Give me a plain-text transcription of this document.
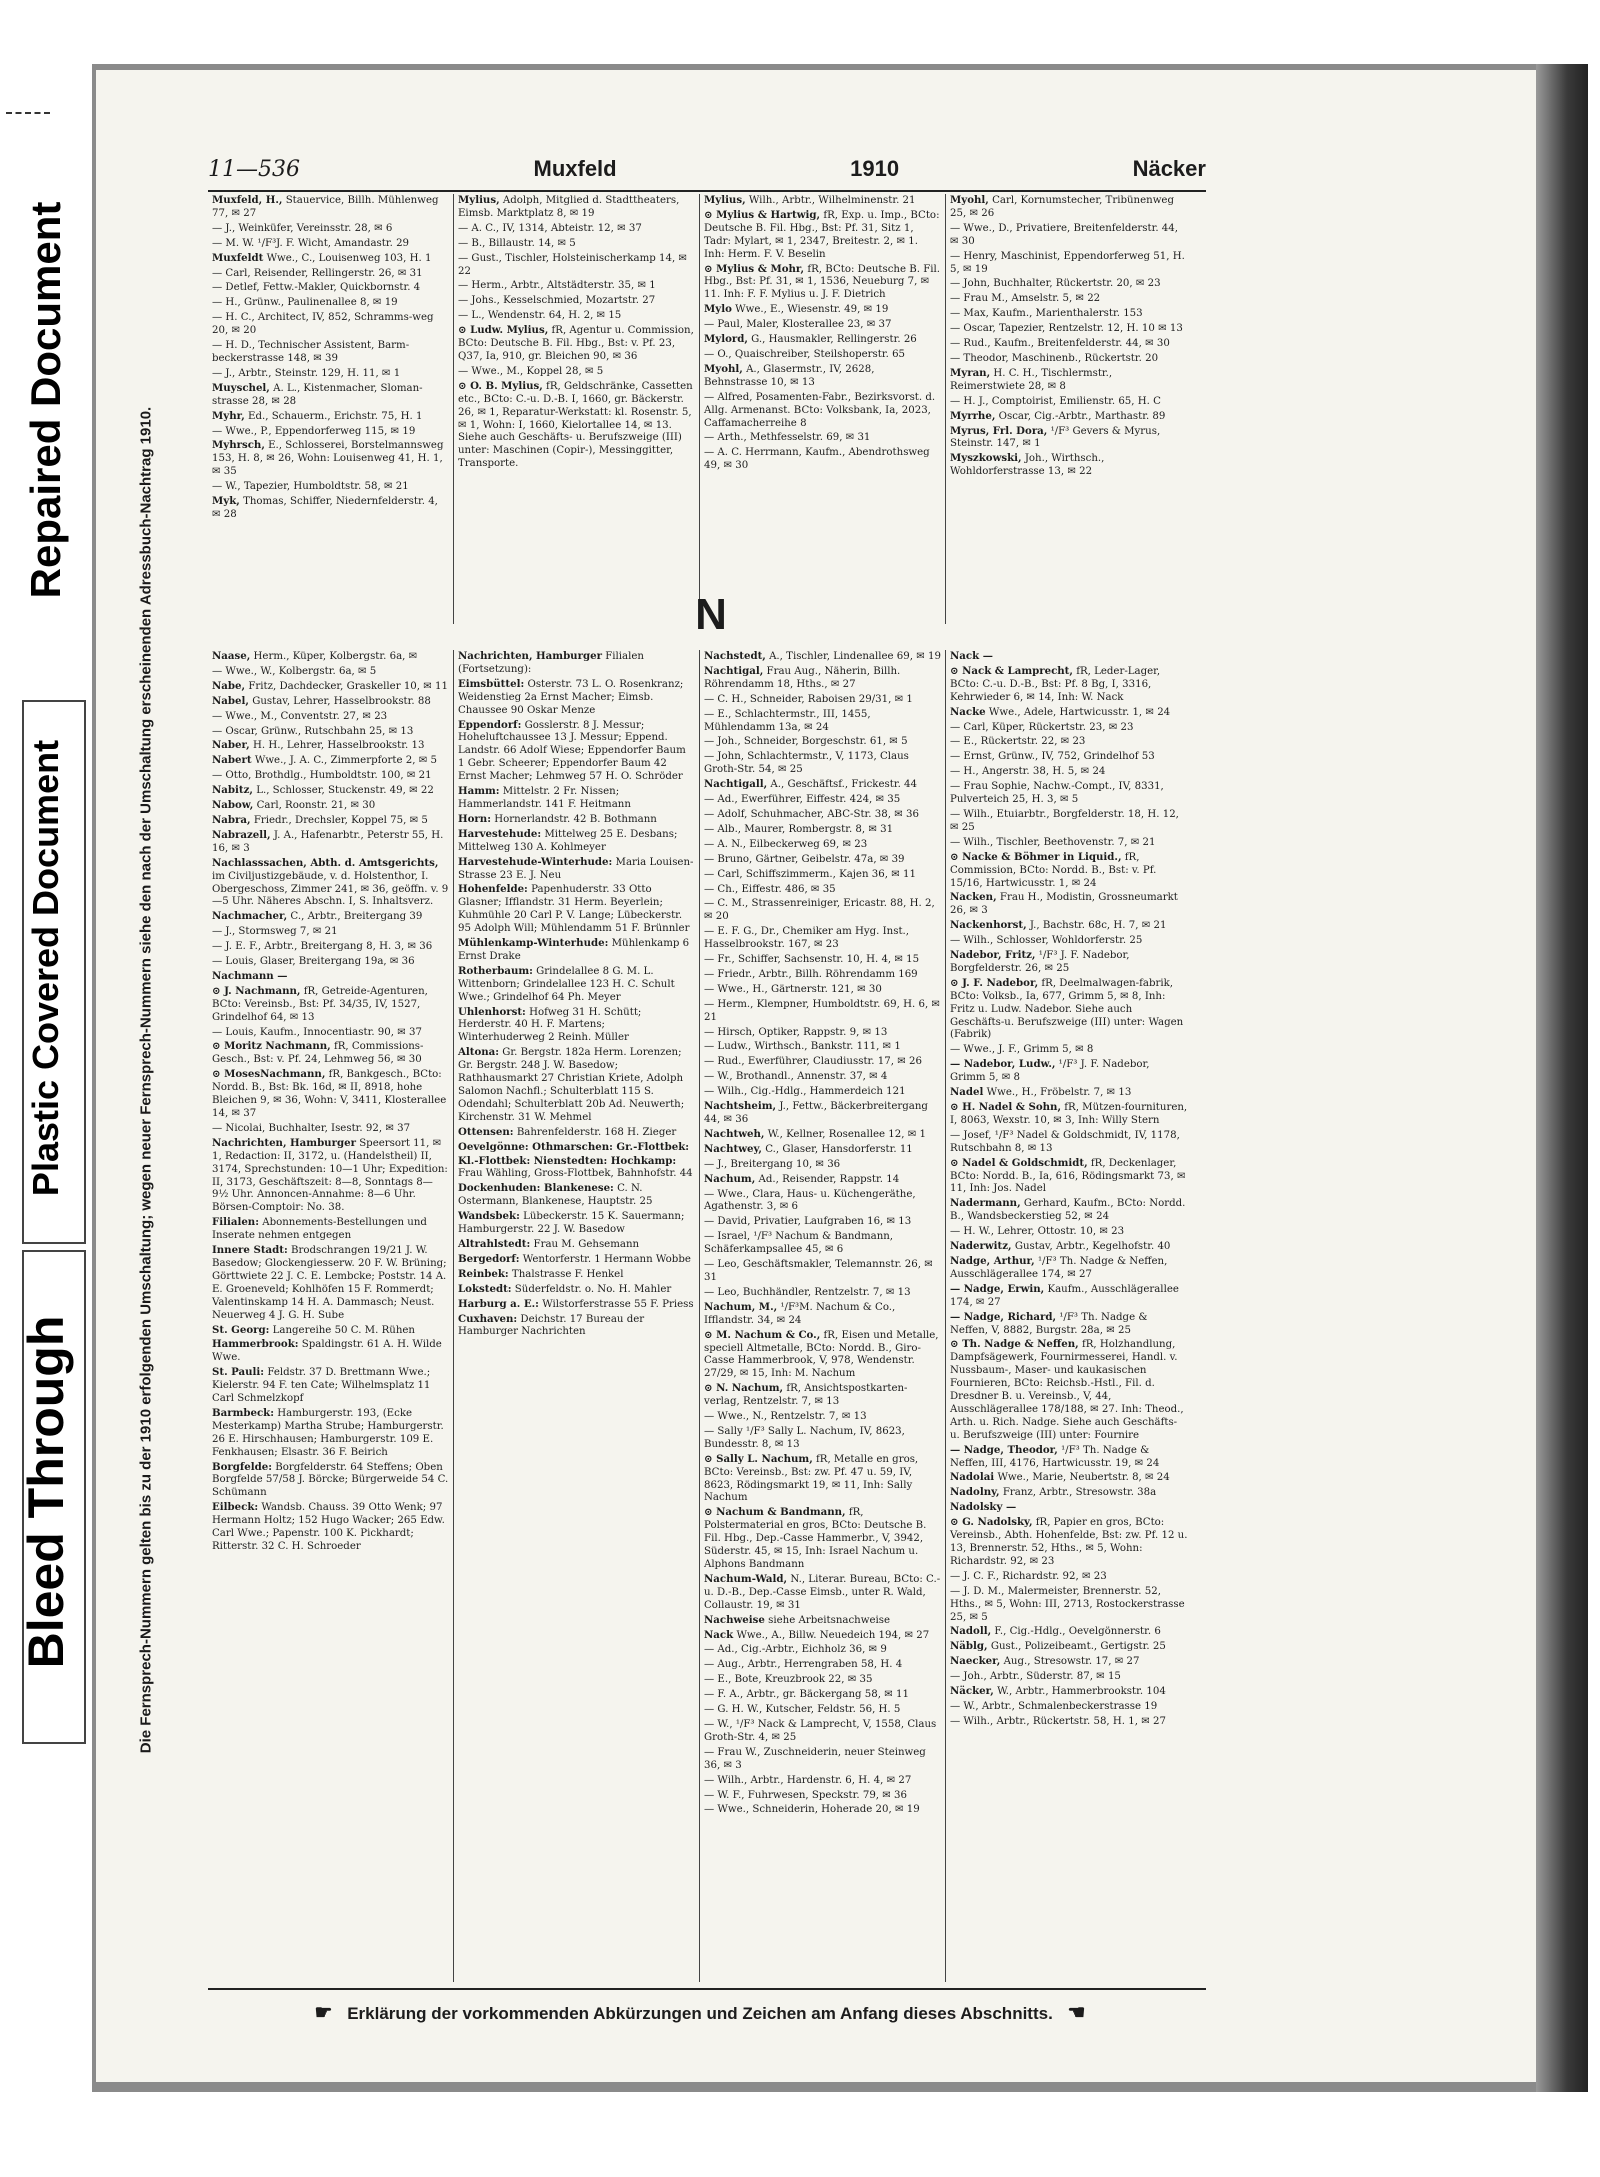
Repaired Document
Plastic Covered Document
Bleed Through	Die Fernsprech-Nummern gelten bis zu der 1910 erfolgenden Umschaltung; wegen neuer Fernsprech-Nummern siehe den nach der Umschaltung erscheinenden Adressbuch-Nachtrag 1910.
11—536	Muxfeld	1910	Näcker
Muxfeld, H., Stauervice, Billh. Mühlenweg 77, ✉ 27
— J., Weinküfer, Vereinsstr. 28, ✉ 6
— M. W. ¹/F³J. F. Wicht, Amandastr. 29
Muxfeldt Wwe., C., Louisenweg 103, H. 1
— Carl, Reisender, Rellingerstr. 26, ✉ 31
— Detlef, Fettw.-Makler, Quickbornstr. 4
— H., Grünw., Paulinenallee 8, ✉ 19
— H. C., Architect, IV, 852, Schramms-weg 20, ✉ 20
— H. D., Technischer Assistent, Barm-beckerstrasse 148, ✉ 39
— J., Arbtr., Steinstr. 129, H. 11, ✉ 1
Muyschel, A. L., Kistenmacher, Sloman-strasse 28, ✉ 28
Myhr, Ed., Schauerm., Erichstr. 75, H. 1
— Wwe., P., Eppendorferweg 115, ✉ 19
Myhrsch, E., Schlosserei, Borstelmannsweg 153, H. 8, ✉ 26, Wohn: Louisenweg 41, H. 1, ✉ 35
— W., Tapezier, Humboldtstr. 58, ✉ 21
Myk, Thomas, Schiffer, Niedernfelderstr. 4, ✉ 28
Mylius, Adolph, Mitglied d. Stadttheaters, Eimsb. Marktplatz 8, ✉ 19
— A. C., IV, 1314, Abteistr. 12, ✉ 37
— B., Billaustr. 14, ✉ 5
— Gust., Tischler, Holsteinischerkamp 14, ✉ 22
— Herm., Arbtr., Altstädterstr. 35, ✉ 1
— Johs., Kesselschmied, Mozartstr. 27
— L., Wendenstr. 64, H. 2, ✉ 15
⊙ Ludw. Mylius, fR, Agentur u. Commission, BCto: Deutsche B. Fil. Hbg., Bst: v. Pf. 23, Q37, Ia, 910, gr. Bleichen 90, ✉ 36
— Wwe., M., Koppel 28, ✉ 5
⊙ O. B. Mylius, fR, Geldschränke, Cassetten etc., BCto: C.-u. D.-B. I, 1660, gr. Bäckerstr. 26, ✉ 1, Reparatur-Werkstatt: kl. Rosenstr. 5, ✉ 1, Wohn: I, 1660, Kielortallee 14, ✉ 13. Siehe auch Geschäfts- u. Berufszweige (III) unter: Maschinen (Copir-), Messinggitter, Transporte.
Mylius, Wilh., Arbtr., Wilhelminenstr. 21
⊙ Mylius & Hartwig, fR, Exp. u. Imp., BCto: Deutsche B. Fil. Hbg., Bst: Pf. 31, Sitz 1, Tadr: Mylart, ✉ 1, 2347, Breitestr. 2, ✉ 1. Inh: Herm. F. V. Beselin
⊙ Mylius & Mohr, fR, BCto: Deutsche B. Fil. Hbg., Bst: Pf. 31, ✉ 1, 1536, Neueburg 7, ✉ 11. Inh: F. F. Mylius u. J. F. Dietrich
Mylo Wwe., E., Wiesenstr. 49, ✉ 19
— Paul, Maler, Klosterallee 23, ✉ 37
Mylord, G., Hausmakler, Rellingerstr. 26
— O., Quaischreiber, Steilshoperstr. 65
Myohl, A., Glasermstr., IV, 2628, Behnstrasse 10, ✉ 13
— Alfred, Posamenten-Fabr., Bezirksvorst. d. Allg. Armenanst. BCto: Volksbank, Ia, 2023, Caffamacherreihe 8
— Arth., Methfesselstr. 69, ✉ 31
— A. C. Herrmann, Kaufm., Abendrothsweg 49, ✉ 30
Myohl, Carl, Kornumstecher, Tribünenweg 25, ✉ 26
— Wwe., D., Privatiere, Breitenfelderstr. 44, ✉ 30
— Henry, Maschinist, Eppendorferweg 51, H. 5, ✉ 19
— John, Buchhalter, Rückertstr. 20, ✉ 23
— Frau M., Amselstr. 5, ✉ 22
— Max, Kaufm., Marienthalerstr. 153
— Oscar, Tapezier, Rentzelstr. 12, H. 10 ✉ 13
— Rud., Kaufm., Breitenfelderstr. 44, ✉ 30
— Theodor, Maschinenb., Rückertstr. 20
Myran, H. C. H., Tischlermstr., Reimerstwiete 28, ✉ 8
— H. J., Comptoirist, Emilienstr. 65, H. C
Myrrhe, Oscar, Cig.-Arbtr., Marthastr. 89
Myrus, Frl. Dora, ¹/F³ Gevers & Myrus, Steinstr. 147, ✉ 1
Myszkowski, Joh., Wirthsch., Wohldorferstrasse 13, ✉ 22
N
Naase, Herm., Küper, Kolbergstr. 6a, ✉
— Wwe., W., Kolbergstr. 6a, ✉ 5
Nabe, Fritz, Dachdecker, Graskeller 10, ✉ 11
Nabel, Gustav, Lehrer, Hasselbrookstr. 88
— Wwe., M., Conventstr. 27, ✉ 23
— Oscar, Grünw., Rutschbahn 25, ✉ 13
Naber, H. H., Lehrer, Hasselbrookstr. 13
Nabert Wwe., J. A. C., Zimmerpforte 2, ✉ 5
— Otto, Brothdlg., Humboldtstr. 100, ✉ 21
Nabitz, L., Schlosser, Stuckenstr. 49, ✉ 22
Nabow, Carl, Roonstr. 21, ✉ 30
Nabra, Friedr., Drechsler, Koppel 75, ✉ 5
Nabrazell, J. A., Hafenarbtr., Peterstr 55, H. 16, ✉ 3
Nachlasssachen, Abth. d. Amtsgerichts, im Civiljustizgebäude, v. d. Holstenthor, I. Obergeschoss, Zimmer 241, ✉ 36, geöffn. v. 9—5 Uhr. Näheres Abschn. I, S. Inhaltsverz.
Nachmacher, C., Arbtr., Breitergang 39
— J., Stormsweg 7, ✉ 21
— J. E. F., Arbtr., Breitergang 8, H. 3, ✉ 36
— Louis, Glaser, Breitergang 19a, ✉ 36
Nachmann —
⊙ J. Nachmann, fR, Getreide-Agenturen, BCto: Vereinsb., Bst: Pf. 34/35, IV, 1527, Grindelhof 64, ✉ 13
— Louis, Kaufm., Innocentiastr. 90, ✉ 37
⊙ Moritz Nachmann, fR, Commissions-Gesch., Bst: v. Pf. 24, Lehmweg 56, ✉ 30
⊙ MosesNachmann, fR, Bankgesch., BCto: Nordd. B., Bst: Bk. 16d, ✉ II, 8918, hohe Bleichen 9, ✉ 36, Wohn: V, 3411, Klosterallee 14, ✉ 37
— Nicolai, Buchhalter, Isestr. 92, ✉ 37
Nachrichten, Hamburger Speersort 11, ✉ 1, Redaction: II, 3172, u. (Handelstheil) II, 3174, Sprechstunden: 10—1 Uhr; Expedition: II, 3173, Geschäftszeit: 8—8, Sonntags 8—9½ Uhr. Annoncen-Annahme: 8—6 Uhr. Börsen-Comptoir: No. 38.
Filialen: Abonnements-Bestellungen und Inserate nehmen entgegen
Innere Stadt: Brodschrangen 19/21 J. W. Basedow; Glockengiesserw. 20 F. W. Brüning; Görttwiete 22 J. C. E. Lembcke; Poststr. 14 A. E. Groeneveld; Kohlhöfen 15 F. Rommerdt; Valentinskamp 14 H. A. Dammasch; Neust. Neuerweg 4 J. G. H. Sube
St. Georg: Langereihe 50 C. M. Rühen
Hammerbrook: Spaldingstr. 61 A. H. Wilde Wwe.
St. Pauli: Feldstr. 37 D. Brettmann Wwe.; Kielerstr. 94 F. ten Cate; Wilhelmsplatz 11 Carl Schmelzkopf
Barmbeck: Hamburgerstr. 193, (Ecke Mesterkamp) Martha Strube; Hamburgerstr. 26 E. Hirschhausen; Hamburgerstr. 109 E. Fenkhausen; Elsastr. 36 F. Beirich
Borgfelde: Borgfelderstr. 64 Steffens; Oben Borgfelde 57/58 J. Börcke; Bürgerweide 54 C. Schümann
Eilbeck: Wandsb. Chauss. 39 Otto Wenk; 97 Hermann Holtz; 152 Hugo Wacker; 265 Edw. Carl Wwe.; Papenstr. 100 K. Pickhardt; Ritterstr. 32 C. H. Schroeder
Nachrichten, Hamburger Filialen (Fortsetzung):
Eimsbüttel: Osterstr. 73 L. O. Rosenkranz; Weidenstieg 2a Ernst Macher; Eimsb. Chaussee 90 Oskar Menze
Eppendorf: Gosslerstr. 8 J. Messur; Hoheluftchaussee 13 J. Messur; Eppend. Landstr. 66 Adolf Wiese; Eppendorfer Baum 1 Gebr. Scheerer; Eppendorfer Baum 42 Ernst Macher; Lehmweg 57 H. O. Schröder
Hamm: Mittelstr. 2 Fr. Nissen; Hammerlandstr. 141 F. Heitmann
Horn: Hornerlandstr. 42 B. Bothmann
Harvestehude: Mittelweg 25 E. Desbans; Mittelweg 130 A. Kohlmeyer
Harvestehude-Winterhude: Maria Louisen-Strasse 23 E. J. Neu
Hohenfelde: Papenhuderstr. 33 Otto Glasner; Ifflandstr. 31 Herm. Beyerlein; Kuhmühle 20 Carl P. V. Lange; Lübeckerstr. 95 Adolph Will; Mühlendamm 51 F. Brünnler
Mühlenkamp-Winterhude: Mühlenkamp 6 Ernst Drake
Rotherbaum: Grindelallee 8 G. M. L. Wittenborn; Grindelallee 123 H. C. Schult Wwe.; Grindelhof 64 Ph. Meyer
Uhlenhorst: Hofweg 31 H. Schütt; Herderstr. 40 H. F. Martens; Winterhuderweg 2 Reinh. Müller
Altona: Gr. Bergstr. 182a Herm. Lorenzen; Gr. Bergstr. 248 J. W. Basedow; Rathhausmarkt 27 Christian Kriete, Adolph Salomon Nachfl.; Schulterblatt 115 S. Odendahl; Schulterblatt 20b Ad. Neuwerth; Kirchenstr. 31 W. Mehmel
Ottensen: Bahrenfelderstr. 168 H. Zieger
Oevelgönne: Othmarschen: Gr.-Flottbek: Kl.-Flottbek: Nienstedten: Hochkamp: Frau Wähling, Gross-Flottbek, Bahnhofstr. 44
Dockenhuden: Blankenese: C. N. Ostermann, Blankenese, Hauptstr. 25
Wandsbek: Lübeckerstr. 15 K. Sauermann; Hamburgerstr. 22 J. W. Basedow
Altrahlstedt: Frau M. Gehsemann
Bergedorf: Wentorferstr. 1 Hermann Wobbe
Reinbek: Thalstrasse F. Henkel
Lokstedt: Süderfeldstr. o. No. H. Mahler
Harburg a. E.: Wilstorferstrasse 55 F. Priess
Cuxhaven: Deichstr. 17 Bureau der Hamburger Nachrichten
Nachstedt, A., Tischler, Lindenallee 69, ✉ 19
Nachtigal, Frau Aug., Näherin, Billh. Röhrendamm 18, Hths., ✉ 27
— C. H., Schneider, Raboisen 29/31, ✉ 1
— E., Schlachtermstr., III, 1455, Mühlendamm 13a, ✉ 24
— Joh., Schneider, Borgeschstr. 61, ✉ 5
— John, Schlachtermstr., V, 1173, Claus Groth-Str. 54, ✉ 25
Nachtigall, A., Geschäftsf., Frickestr. 44
— Ad., Ewerführer, Eiffestr. 424, ✉ 35
— Adolf, Schuhmacher, ABC-Str. 38, ✉ 36
— Alb., Maurer, Rombergstr. 8, ✉ 31
— A. N., Eilbeckerweg 69, ✉ 23
— Bruno, Gärtner, Geibelstr. 47a, ✉ 39
— Carl, Schiffszimmerm., Kajen 36, ✉ 11
— Ch., Eiffestr. 486, ✉ 35
— C. M., Strassenreiniger, Ericastr. 88, H. 2, ✉ 20
— E. F. G., Dr., Chemiker am Hyg. Inst., Hasselbrookstr. 167, ✉ 23
— Fr., Schiffer, Sachsenstr. 10, H. 4, ✉ 15
— Friedr., Arbtr., Billh. Röhrendamm 169
— Wwe., H., Gärtnerstr. 121, ✉ 30
— Herm., Klempner, Humboldtstr. 69, H. 6, ✉ 21
— Hirsch, Optiker, Rappstr. 9, ✉ 13
— Ludw., Wirthsch., Bankstr. 111, ✉ 1
— Rud., Ewerführer, Claudiusstr. 17, ✉ 26
— W., Brothandl., Annenstr. 37, ✉ 4
— Wilh., Cig.-Hdlg., Hammerdeich 121
Nachtsheim, J., Fettw., Bäckerbreitergang 44, ✉ 36
Nachtweh, W., Kellner, Rosenallee 12, ✉ 1
Nachtwey, C., Glaser, Hansdorferstr. 11
— J., Breitergang 10, ✉ 36
Nachum, Ad., Reisender, Rappstr. 14
— Wwe., Clara, Haus- u. Küchengeräthe, Agathenstr. 3, ✉ 6
— David, Privatier, Laufgraben 16, ✉ 13
— Israel, ¹/F³ Nachum & Bandmann, Schäferkampsallee 45, ✉ 6
— Leo, Geschäftsmakler, Telemannstr. 26, ✉ 31
— Leo, Buchhändler, Rentzelstr. 7, ✉ 13
Nachum, M., ¹/F³M. Nachum & Co., Ifflandstr. 34, ✉ 24
⊙ M. Nachum & Co., fR, Eisen und Metalle, speciell Altmetalle, BCto: Nordd. B., Giro-Casse Hammerbrook, V, 978, Wendenstr. 27/29, ✉ 15, Inh: M. Nachum
⊙ N. Nachum, fR, Ansichtspostkarten-verlag, Rentzelstr. 7, ✉ 13
— Wwe., N., Rentzelstr. 7, ✉ 13
— Sally ¹/F³ Sally L. Nachum, IV, 8623, Bundesstr. 8, ✉ 13
⊙ Sally L. Nachum, fR, Metalle en gros, BCto: Vereinsb., Bst: zw. Pf. 47 u. 59, IV, 8623, Rödingsmarkt 19, ✉ 11, Inh: Sally Nachum
⊙ Nachum & Bandmann, fR, Polstermaterial en gros, BCto: Deutsche B. Fil. Hbg., Dep.-Casse Hammerbr., V, 3942, Süderstr. 45, ✉ 15, Inh: Israel Nachum u. Alphons Bandmann
Nachum-Wald, N., Literar. Bureau, BCto: C.- u. D.-B., Dep.-Casse Eimsb., unter R. Wald, Collaustr. 19, ✉ 31
Nachweise siehe Arbeitsnachweise
Nack Wwe., A., Billw. Neuedeich 194, ✉ 27
— Ad., Cig.-Arbtr., Eichholz 36, ✉ 9
— Aug., Arbtr., Herrengraben 58, H. 4
— E., Bote, Kreuzbrook 22, ✉ 35
— F. A., Arbtr., gr. Bäckergang 58, ✉ 11
— G. H. W., Kutscher, Feldstr. 56, H. 5
— W., ¹/F³ Nack & Lamprecht, V, 1558, Claus Groth-Str. 4, ✉ 25
— Frau W., Zuschneiderin, neuer Steinweg 36, ✉ 3
— Wilh., Arbtr., Hardenstr. 6, H. 4, ✉ 27
— W. F., Fuhrwesen, Speckstr. 79, ✉ 36
— Wwe., Schneiderin, Hoherade 20, ✉ 19
Nack —
⊙ Nack & Lamprecht, fR, Leder-Lager, BCto: C.-u. D.-B., Bst: Pf. 8 Bg, I, 3316, Kehrwieder 6, ✉ 14, Inh: W. Nack
Nacke Wwe., Adele, Hartwicusstr. 1, ✉ 24
— Carl, Küper, Rückertstr. 23, ✉ 23
— E., Rückertstr. 22, ✉ 23
— Ernst, Grünw., IV, 752, Grindelhof 53
— H., Angerstr. 38, H. 5, ✉ 24
— Frau Sophie, Nachw.-Compt., IV, 8331, Pulverteich 25, H. 3, ✉ 5
— Wilh., Etuiarbtr., Borgfelderstr. 18, H. 12, ✉ 25
— Wilh., Tischler, Beethovenstr. 7, ✉ 21
⊙ Nacke & Böhmer in Liquid., fR, Commission, BCto: Nordd. B., Bst: v. Pf. 15/16, Hartwicusstr. 1, ✉ 24
Nacken, Frau H., Modistin, Grossneumarkt 26, ✉ 3
Nackenhorst, J., Bachstr. 68c, H. 7, ✉ 21
— Wilh., Schlosser, Wohldorferstr. 25
Nadebor, Fritz, ¹/F³ J. F. Nadebor, Borgfelderstr. 26, ✉ 25
⊙ J. F. Nadebor, fR, Deelmalwagen-fabrik, BCto: Volksb., Ia, 677, Grimm 5, ✉ 8, Inh: Fritz u. Ludw. Nadebor. Siehe auch Geschäfts-u. Berufszweige (III) unter: Wagen (Fabrik)
— Wwe., J. F., Grimm 5, ✉ 8
— Nadebor, Ludw., ¹/F³ J. F. Nadebor, Grimm 5, ✉ 8
Nadel Wwe., H., Fröbelstr. 7, ✉ 13
⊙ H. Nadel & Sohn, fR, Mützen-fournituren, I, 8063, Wexstr. 10, ✉ 3, Inh: Willy Stern
— Josef, ¹/F³ Nadel & Goldschmidt, IV, 1178, Rutschbahn 8, ✉ 13
⊙ Nadel & Goldschmidt, fR, Deckenlager, BCto: Nordd. B., Ia, 616, Rödingsmarkt 73, ✉ 11, Inh: Jos. Nadel
Nadermann, Gerhard, Kaufm., BCto: Nordd. B., Wandsbeckerstieg 52, ✉ 24
— H. W., Lehrer, Ottostr. 10, ✉ 23
Naderwitz, Gustav, Arbtr., Kegelhofstr. 40
Nadge, Arthur, ¹/F³ Th. Nadge & Neffen, Ausschlägerallee 174, ✉ 27
— Nadge, Erwin, Kaufm., Ausschlägerallee 174, ✉ 27
— Nadge, Richard, ¹/F³ Th. Nadge & Neffen, V, 8882, Burgstr. 28a, ✉ 25
⊙ Th. Nadge & Neffen, fR, Holzhandlung, Dampfsägewerk, Fournirmesserei, Handl. v. Nussbaum-, Maser- und kaukasischen Fournieren, BCto: Reichsb.-Hstl., Fil. d. Dresdner B. u. Vereinsb., V, 44, Ausschlägerallee 178/188, ✉ 27. Inh: Theod., Arth. u. Rich. Nadge. Siehe auch Geschäfts- u. Berufszweige (III) unter: Fournire
— Nadge, Theodor, ¹/F³ Th. Nadge & Neffen, III, 4176, Hartwicusstr. 19, ✉ 24
Nadolai Wwe., Marie, Neubertstr. 8, ✉ 24
Nadolny, Franz, Arbtr., Stresowstr. 38a
Nadolsky —
⊙ G. Nadolsky, fR, Papier en gros, BCto: Vereinsb., Abth. Hohenfelde, Bst: zw. Pf. 12 u. 13, Brennerstr. 52, Hths., ✉ 5, Wohn: Richardstr. 92, ✉ 23
— J. C. F., Richardstr. 92, ✉ 23
— J. D. M., Malermeister, Brennerstr. 52, Hths., ✉ 5, Wohn: III, 2713, Rostockerstrasse 25, ✉ 5
Nadoll, F., Cig.-Hdlg., Oevelgönnerstr. 6
Näblg, Gust., Polizeibeamt., Gertigstr. 25
Naecker, Aug., Stresowstr. 17, ✉ 27
— Joh., Arbtr., Süderstr. 87, ✉ 15
Näcker, W., Arbtr., Hammerbrookstr. 104
— W., Arbtr., Schmalenbeckerstrasse 19
— Wilh., Arbtr., Rückertstr. 58, H. 1, ✉ 27
☛ Erklärung der vorkommenden Abkürzungen und Zeichen am Anfang dieses Abschnitts. ☚
